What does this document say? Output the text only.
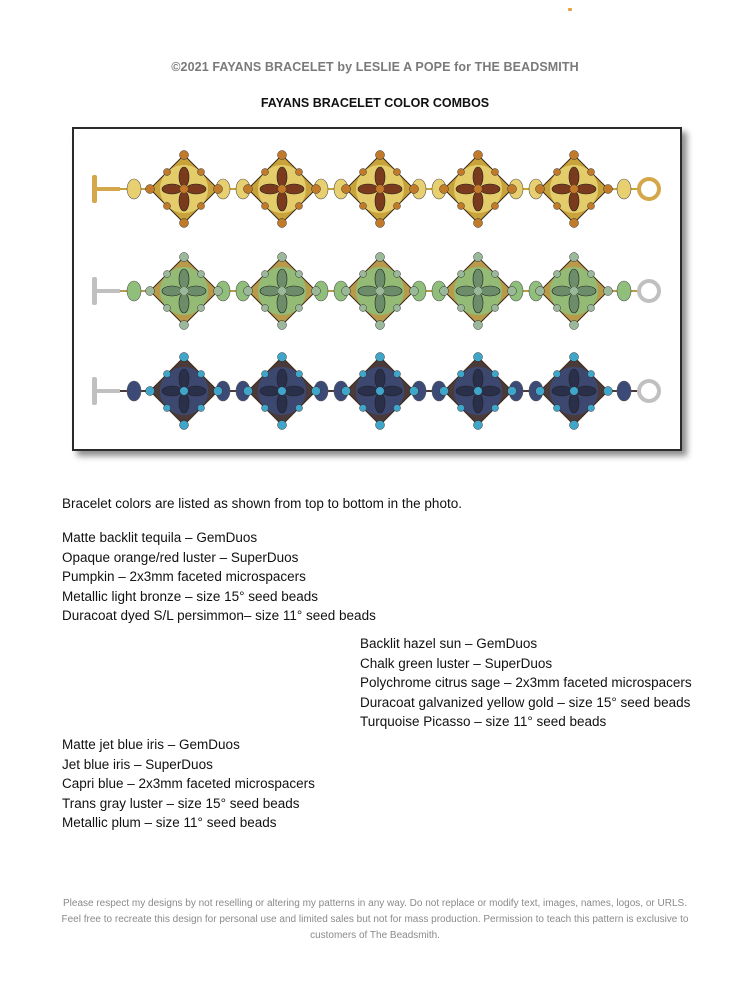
©2021 FAYANS BRACELET by LESLIE A POPE for THE BEADSMITH
FAYANS BRACELET COLOR COMBOS
Bracelet colors are listed as shown from top to bottom in the photo.
Matte backlit tequila – GemDuos
Opaque orange/red luster – SuperDuos
Pumpkin – 2x3mm faceted microspacers
Metallic light bronze – size 15° seed beads
Duracoat dyed S/L persimmon– size 11° seed beads
Backlit hazel sun – GemDuos
Chalk green luster – SuperDuos
Polychrome citrus sage – 2x3mm faceted microspacers
Duracoat galvanized yellow gold – size 15° seed beads
Turquoise Picasso – size 11° seed beads
Matte jet blue iris – GemDuos
Jet blue iris – SuperDuos
Capri blue – 2x3mm faceted microspacers
Trans gray luster – size 15° seed beads
Metallic plum – size 11° seed beads
Please respect my designs by not reselling or altering my patterns in any way. Do not replace or modify text, images, names, logos, or URLS. Feel free to recreate this design for personal use and limited sales but not for mass production. Permission to teach this pattern is exclusive to customers of The Beadsmith.
